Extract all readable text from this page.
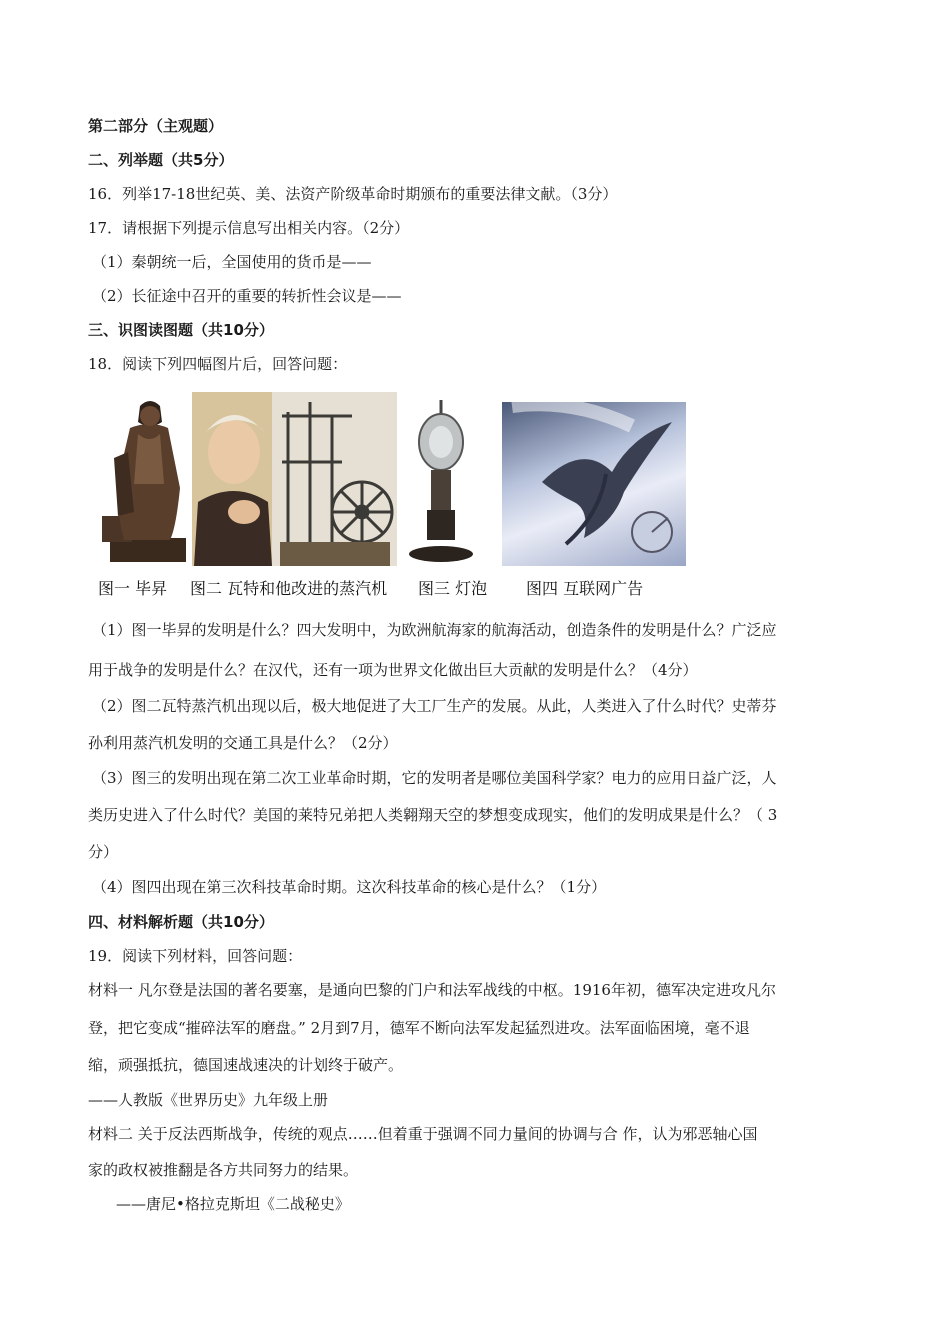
第二部分（主观题）
二、列举题（共5分）
16．列举17-18世纪英、美、法资产阶级革命时期颁布的重要法律文献。（3分）
17．请根据下列提示信息写出相关内容。（2分）
（1）秦朝统一后，全国使用的货币是——
（2）长征途中召开的重要的转折性会议是——
三、识图读图题（共10分）
18．阅读下列四幅图片后，回答问题：
图一 毕昇 图二 瓦特和他改进的蒸汽机 图三 灯泡 图四 互联网广告
（1）图一毕昇的发明是什么？四大发明中，为欧洲航海家的航海活动，创造条件的发明是什么？广泛应
用于战争的发明是什么？在汉代，还有一项为世界文化做出巨大贡献的发明是什么？（4分）
（2）图二瓦特蒸汽机出现以后，极大地促进了大工厂生产的发展。从此，人类进入了什么时代？史蒂芬
孙利用蒸汽机发明的交通工具是什么？（2分）
（3）图三的发明出现在第二次工业革命时期，它的发明者是哪位美国科学家？电力的应用日益广泛，人
类历史进入了什么时代？美国的莱特兄弟把人类翱翔天空的梦想变成现实，他们的发明成果是什么？（ 3
分）
（4）图四出现在第三次科技革命时期。这次科技革命的核心是什么？（1分）
四、材料解析题（共10分）
19．阅读下列材料，回答问题：
材料一 凡尔登是法国的著名要塞，是通向巴黎的门户和法军战线的中枢。1916年初，德军决定进攻凡尔
登，把它变成“摧碎法军的磨盘。” 2月到7月，德军不断向法军发起猛烈进攻。法军面临困境，毫不退
缩，顽强抵抗，德国速战速决的计划终于破产。
——人教版《世界历史》九年级上册
材料二 关于反法西斯战争，传统的观点……但着重于强调不同力量间的协调与合 作，认为邪恶轴心国
家的政权被推翻是各方共同努力的结果。
——唐尼•格拉克斯坦《二战秘史》
